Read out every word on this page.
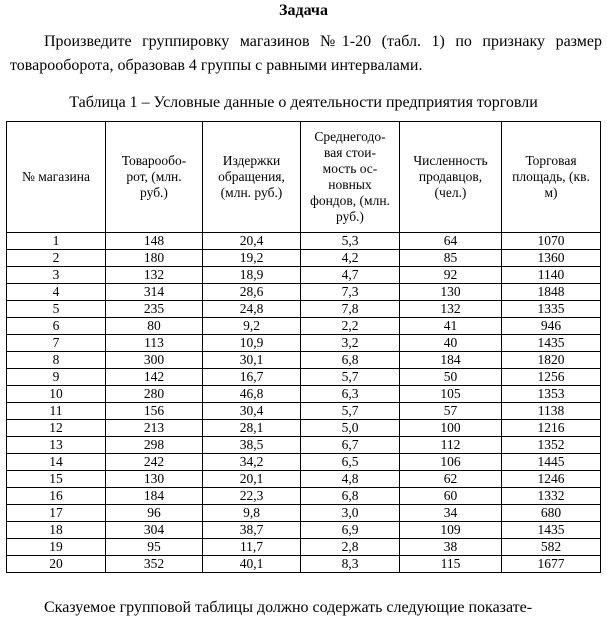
Задача
Произведите группировку магазинов №1-20 (табл. 1) по признаку размер товарооборота, образовав 4 группы с равными интервалами.
Таблица 1 – Условные данные о деятельности предприятия торговли
№ магазина	Товарообо-рот, (млн. руб.)	Издержки обращения, (млн. руб.)	Среднегодо-вая стои-мость ос-новных фондов, (млн. руб.)	Численность продавцов, (чел.)	Торговая площадь, (кв. м)
1	148	20,4	5,3	64	1070
2	180	19,2	4,2	85	1360
3	132	18,9	4,7	92	1140
4	314	28,6	7,3	130	1848
5	235	24,8	7,8	132	1335
6	80	9,2	2,2	41	946
7	113	10,9	3,2	40	1435
8	300	30,1	6,8	184	1820
9	142	16,7	5,7	50	1256
10	280	46,8	6,3	105	1353
11	156	30,4	5,7	57	1138
12	213	28,1	5,0	100	1216
13	298	38,5	6,7	112	1352
14	242	34,2	6,5	106	1445
15	130	20,1	4,8	62	1246
16	184	22,3	6,8	60	1332
17	96	9,8	3,0	34	680
18	304	38,7	6,9	109	1435
19	95	11,7	2,8	38	582
20	352	40,1	8,3	115	1677
Сказуемое групповой таблицы должно содержать следующие показате-
